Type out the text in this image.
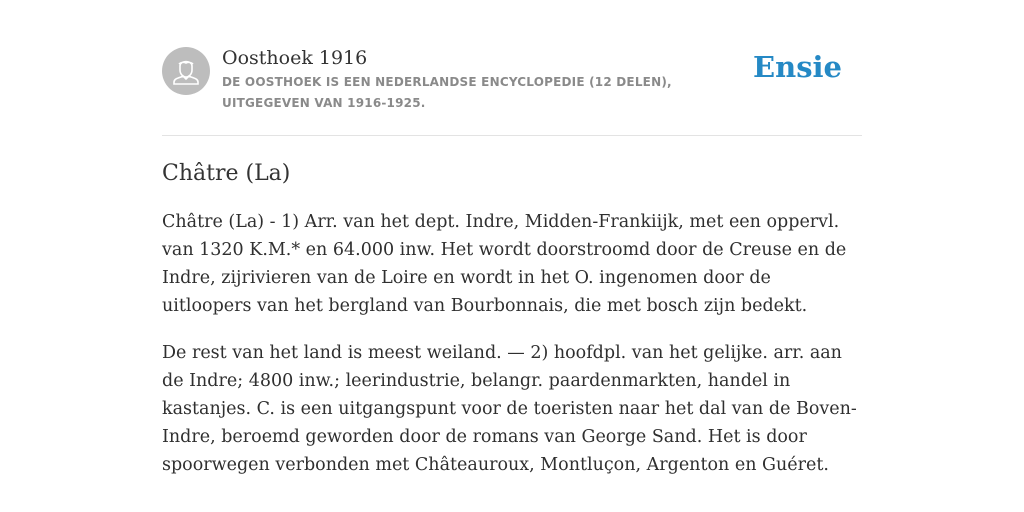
Oosthoek 1916
DE OOSTHOEK IS EEN NEDERLANDSE ENCYCLOPEDIE (12 DELEN), UITGEGEVEN VAN 1916-1925.
Ensie
Châtre (La)

Châtre (La) - 1) Arr. van het dept. Indre, Midden-Frankiijk, met een oppervl. van 1320 K.M.* en 64.000 inw. Het wordt doorstroomd door de Creuse en de Indre, zijrivieren van de Loire en wordt in het O. ingenomen door de uitloopers van het bergland van Bourbonnais, die met bosch zijn bedekt.

De rest van het land is meest weiland. — 2) hoofdpl. van het gelijke. arr. aan de Indre; 4800 inw.; leerindustrie, belangr. paardenmarkten, handel in kastanjes. C. is een uitgangspunt voor de toeristen naar het dal van de Boven-Indre, beroemd geworden door de romans van George Sand. Het is door spoorwegen verbonden met Châteauroux, Montluçon, Argenton en Guéret.
